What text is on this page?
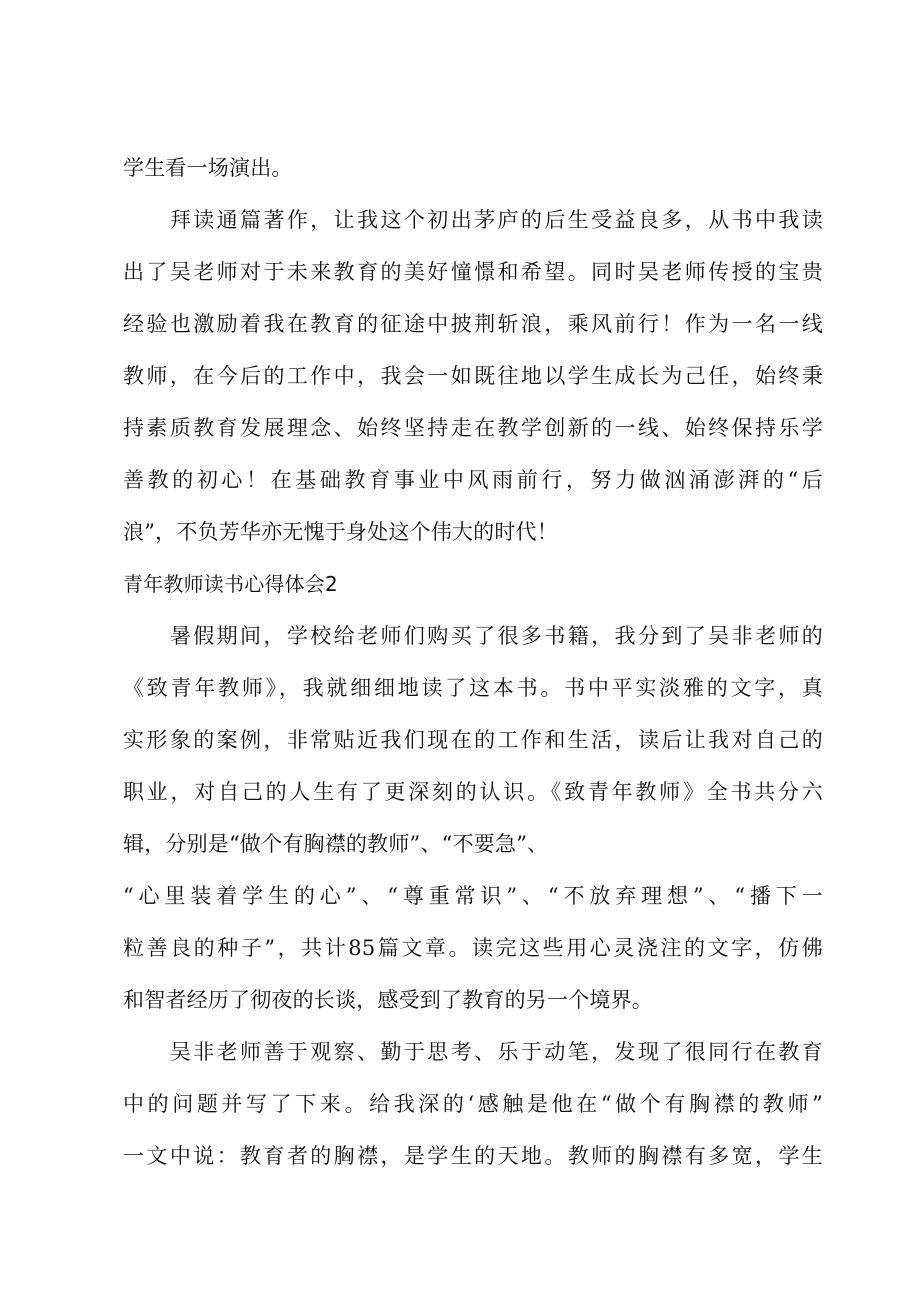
学生看一场演出。
　　拜读通篇著作，让我这个初出茅庐的后生受益良多，从书中我读
出了吴老师对于未来教育的美好憧憬和希望。同时吴老师传授的宝贵
经验也激励着我在教育的征途中披荆斩浪，乘风前行！作为一名一线
教师，在今后的工作中，我会一如既往地以学生成长为己任，始终秉
持素质教育发展理念、始终坚持走在教学创新的一线、始终保持乐学
善教的初心！在基础教育事业中风雨前行，努力做汹涌澎湃的“后
浪”，不负芳华亦无愧于身处这个伟大的时代！
青年教师读书心得体会2
　　暑假期间，学校给老师们购买了很多书籍，我分到了吴非老师的
《致青年教师》，我就细细地读了这本书。书中平实淡雅的文字，真
实形象的案例，非常贴近我们现在的工作和生活，读后让我对自己的
职业，对自己的人生有了更深刻的认识。《致青年教师》全书共分六
辑，分别是“做个有胸襟的教师”、“不要急”、
“心里装着学生的心”、“尊重常识”、“不放弃理想”、“播下一
粒善良的种子”，共计85篇文章。读完这些用心灵浇注的文字，仿佛
和智者经历了彻夜的长谈，感受到了教育的另一个境界。
　　吴非老师善于观察、勤于思考、乐于动笔，发现了很同行在教育
中的问题并写了下来。给我深的‘感触是他在“做个有胸襟的教师”
一文中说：教育者的胸襟，是学生的天地。教师的胸襟有多宽，学生
